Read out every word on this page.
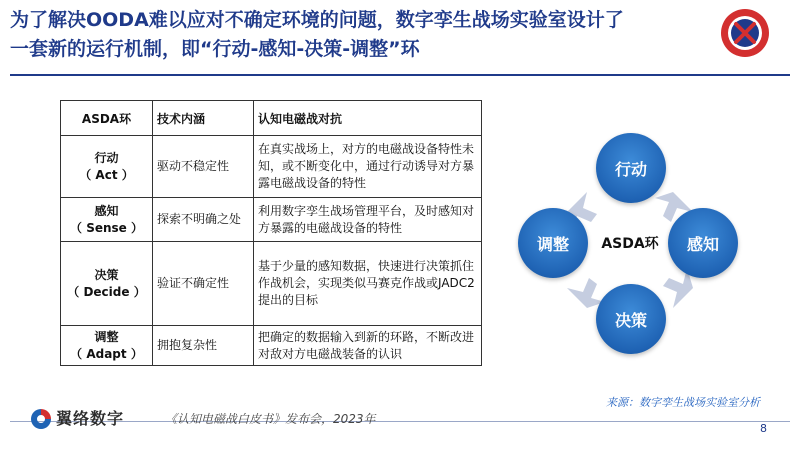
为了解决OODA难以应对不确定环境的问题，数字孪生战场实验室设计了
一套新的运行机制，即“行动-感知-决策-调整”环
ASDA环	技术内涵	认知电磁战对抗

行动
（ Act ）	驱动不稳定性	在真实战场上，对方的电磁战设备特性未知，或不断变化中，通过行动诱导对方暴露电磁战设备的特性

感知
（ Sense ）	探索不明确之处	利用数字孪生战场管理平台，及时感知对方暴露的电磁战设备的特性

决策
（ Decide ）	验证不确定性	基于少量的感知数据，快速进行决策抓住作战机会，实现类似马赛克作战或JADC2提出的目标

调整
（ Adapt ）	拥抱复杂性	把确定的数据输入到新的环路，不断改进对敌对方电磁战装备的认识
行动
感知
决策
调整	ASDA环
来源：数字孪生战场实验室分析
翼络数字	《认知电磁战白皮书》发布会，2023年
8
